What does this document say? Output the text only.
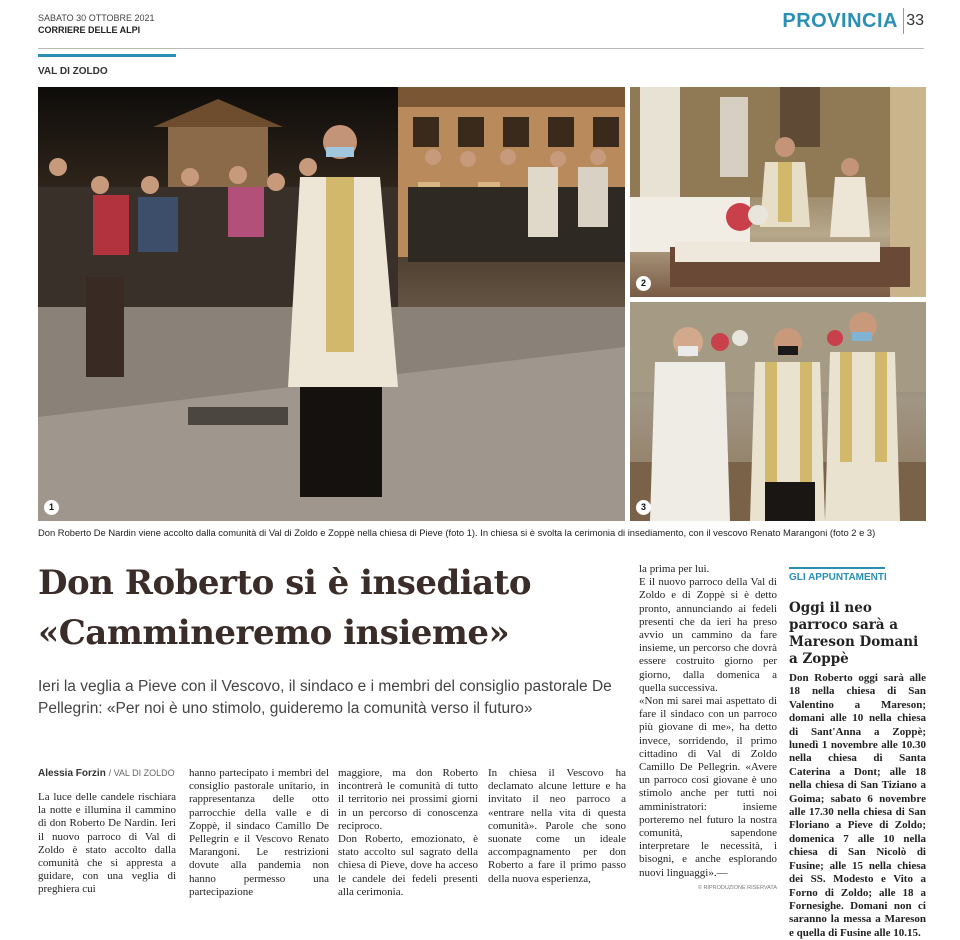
SABATO 30 OTTOBRE 2021
CORRIERE DELLE ALPI	PROVINCIA 33
VAL DI ZOLDO
1
2
3
Don Roberto De Nardin viene accolto dalla comunità di Val di Zoldo e Zoppè nella chiesa di Pieve (foto 1). In chiesa si è svolta la cerimonia di insediamento, con il vescovo Renato Marangoni (foto 2 e 3)
Don Roberto si è insediato
«Cammineremo insieme»
Ieri la veglia a Pieve con il Vescovo, il sindaco e i membri del consiglio pastorale De Pellegrin: «Per noi è uno stimolo, guideremo la comunità verso il futuro»
Alessia Forzin / VAL DI ZOLDO

La luce delle candele rischiara la notte e illumina il cammino di don Roberto De Nardin. Ieri il nuovo parroco di Val di Zoldo è stato accolto dalla comunità che si appresta a guidare, con una veglia di preghiera cui

hanno partecipato i membri del consiglio pastorale unitario, in rappresentanza delle otto parrocchie della valle e di Zoppè, il sindaco Camillo De Pellegrin e il Vescovo Renato Marangoni. Le restrizioni dovute alla pandemia non hanno permesso una partecipazione

maggiore, ma don Roberto incontrerà le comunità di tutto il territorio nei prossimi giorni in un percorso di conoscenza reciproco.

Don Roberto, emozionato, è stato accolto sul sagrato della chiesa di Pieve, dove ha acceso le candele dei fedeli presenti alla cerimonia.

In chiesa il Vescovo ha declamato alcune letture e ha invitato il neo parroco a «entrare nella vita di questa comunità». Parole che sono suonate come un ideale accompagnamento per don Roberto a fare il primo passo della nuova esperienza,

la prima per lui.

E il nuovo parroco della Val di Zoldo e di Zoppè si è detto pronto, annunciando ai fedeli presenti che da ieri ha preso avvio un cammino da fare insieme, un percorso che dovrà essere costruito giorno per giorno, dalla domenica a quella successiva.

«Non mi sarei mai aspettato di fare il sindaco con un parroco più giovane di me», ha detto invece, sorridendo, il primo cittadino di Val di Zoldo Camillo De Pellegrin. «Avere un parroco così giovane è uno stimolo anche per tutti noi amministratori: insieme porteremo nel futuro la nostra comunità, sapendone interpretare le necessità, i bisogni, e anche esplorando nuovi linguaggi».—

© RIPRODUZIONE RISERVATA
GLI APPUNTAMENTI
Oggi il neo parroco sarà a Mareson Domani a Zoppè
Don Roberto oggi sarà alle 18 nella chiesa di San Valentino a Mareson; domani alle 10 nella chiesa di Sant'Anna a Zoppè; lunedì 1 novembre alle 10.30 nella chiesa di Santa Caterina a Dont; alle 18 nella chiesa di San Tiziano a Goima; sabato 6 novembre alle 17.30 nella chiesa di San Floriano a Pieve di Zoldo; domenica 7 alle 10 nella chiesa di San Nicolò di Fusine; alle 15 nella chiesa dei SS. Modesto e Vito a Forno di Zoldo; alle 18 a Fornesighe. Domani non ci saranno la messa a Mareson e quella di Fusine alle 10.15.
